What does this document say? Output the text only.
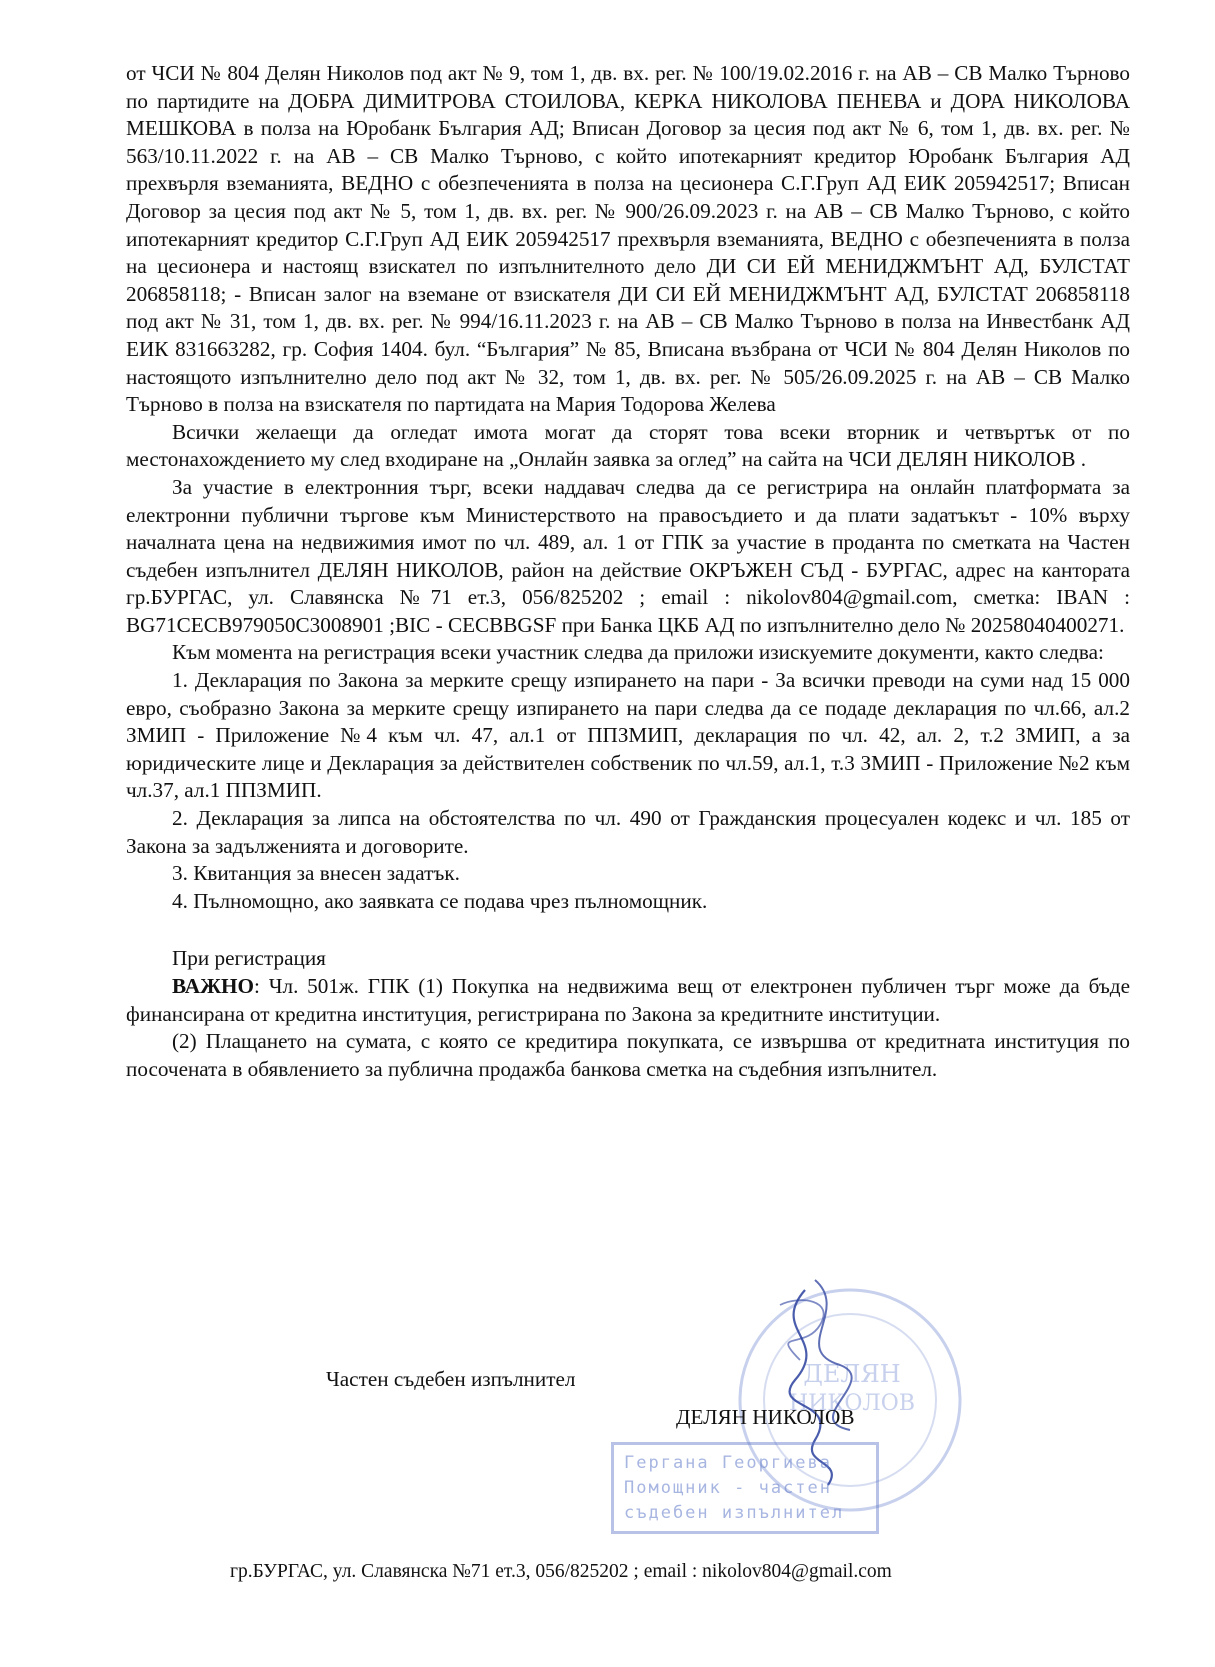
от ЧСИ № 804 Делян Николов под акт № 9, том 1, дв. вх. рег. № 100/19.02.2016 г. на АВ – СВ Малко Търново по партидите на ДОБРА ДИМИТРОВА СТОИЛОВА, КЕРКА НИКОЛОВА ПЕНЕВА и ДОРА НИКОЛОВА МЕШКОВА в полза на Юробанк България АД; Вписан Договор за цесия под акт № 6, том 1, дв. вх. рег. № 563/10.11.2022 г. на АВ – СВ Малко Търново, с който ипотекарният кредитор Юробанк България АД прехвърля вземанията, ВЕДНО с обезпеченията в полза на цесионера С.Г.Груп АД ЕИК 205942517; Вписан Договор за цесия под акт № 5, том 1, дв. вх. рег. № 900/26.09.2023 г. на АВ – СВ Малко Търново, с който ипотекарният кредитор С.Г.Груп АД ЕИК 205942517 прехвърля вземанията, ВЕДНО с обезпеченията в полза на цесионера и настоящ взискател по изпълнителното дело ДИ СИ ЕЙ МЕНИДЖМЪНТ АД, БУЛСТАТ 206858118; - Вписан залог на вземане от взискателя ДИ СИ ЕЙ МЕНИДЖМЪНТ АД, БУЛСТАТ 206858118 под акт № 31, том 1, дв. вх. рег. № 994/16.11.2023 г. на АВ – СВ Малко Търново в полза на Инвестбанк АД ЕИК 831663282, гр. София 1404. бул. “България” № 85, Вписана възбрана от ЧСИ № 804 Делян Николов по настоящото изпълнително дело под акт № 32, том 1, дв. вх. рег. № 505/26.09.2025 г. на АВ – СВ Малко Търново в полза на взискателя по партидата на Мария Тодорова Желева

Всички желаещи да огледат имота могат да сторят това всеки вторник и четвъртък от по местонахождението му след входиране на „Онлайн заявка за оглед” на сайта на ЧСИ ДЕЛЯН НИКОЛОВ .

За участие в електронния търг, всеки наддавач следва да се регистрира на онлайн платформата за електронни публични търгове към Министерството на правосъдието и да плати задатъкът - 10% върху началната цена на недвижимия имот по чл. 489, ал. 1 от ГПК за участие в проданта по сметката на Частен съдебен изпълнител ДЕЛЯН НИКОЛОВ, район на действие ОКРЪЖЕН СЪД - БУРГАС, адрес на канторатa гр.БУРГАС, ул. Славянска №71 ет.3, 056/825202 ; email : nikolov804@gmail.com, сметка: IBAN : BG71CECB979050C3008901 ;BIC - CECBBGSF при Банка ЦКБ АД по изпълнително дело № 20258040400271.

Към момента на регистрация всеки участник следва да приложи изискуемите документи, както следва:

1. Декларация по Закона за мерките срещу изпирането на пари - За всички преводи на суми над 15 000 евро, съобразно Закона за мерките срещу изпирането на пари следва да се подаде декларация по чл.66, ал.2 ЗМИП - Приложение №4 към чл. 47, ал.1 от ППЗМИП, декларация по чл. 42, ал. 2, т.2 ЗМИП, а за юридическите лице и Декларация за действителен собственик по чл.59, ал.1, т.3 ЗМИП - Приложение №2 към чл.37, ал.1 ППЗМИП.

2. Декларация за липса на обстоятелства по чл. 490 от Гражданския процесуален кодекс и чл. 185 от Закона за задълженията и договорите.

3. Квитанция за внесен задатък.

4. Пълномощно, ако заявката се подава чрез пълномощник.

При регистрация

ВАЖНО: Чл. 501ж. ГПК (1) Покупка на недвижима вещ от електронен публичен търг може да бъде финансирана от кредитна институция, регистрирана по Закона за кредитните институции.

(2) Плащането на сумата, с която се кредитира покупката, се извършва от кредитната институция по посочената в обявлението за публична продажба банкова сметка на съдебния изпълнител.

ДЕЛЯН
НИКОЛОВ
Частен съдебен изпълнител
ДЕЛЯН НИКОЛОВ
Гергана Георгиева
Помощник - частен
съдебен изпълнител
гр.БУРГАС, ул. Славянска №71 ет.3, 056/825202 ; email : nikolov804@gmail.com
